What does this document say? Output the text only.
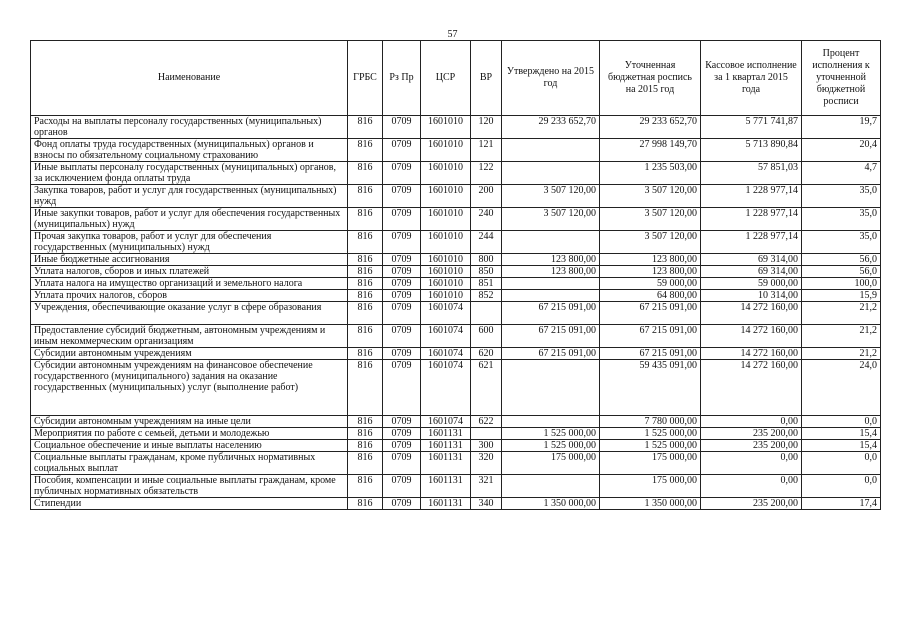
57
Наименование	ГРБС	Рз Пр	ЦСР	ВР	Утверждено на 2015 год	Уточненная бюджетная роспись на 2015 год	Кассовое исполнение за 1 квартал 2015 года	Процент исполнения к уточненной бюджетной росписи
Расходы на выплаты персоналу государственных (муниципальных) органов	816	0709	1601010	120	29 233 652,70	29 233 652,70	5 771 741,87	19,7
Фонд оплаты труда государственных (муниципальных) органов и взносы по обязательному социальному страхованию	816	0709	1601010	121		27 998 149,70	5 713 890,84	20,4
Иные выплаты персоналу государственных (муниципальных) органов, за исключением фонда оплаты труда	816	0709	1601010	122		1 235 503,00	57 851,03	4,7
Закупка товаров, работ и услуг для государственных (муниципальных) нужд	816	0709	1601010	200	3 507 120,00	3 507 120,00	1 228 977,14	35,0
Иные закупки товаров, работ и услуг для обеспечения государственных (муниципальных) нужд	816	0709	1601010	240	3 507 120,00	3 507 120,00	1 228 977,14	35,0
Прочая закупка товаров, работ и услуг для обеспечения государственных (муниципальных) нужд	816	0709	1601010	244		3 507 120,00	1 228 977,14	35,0
Иные бюджетные ассигнования	816	0709	1601010	800	123 800,00	123 800,00	69 314,00	56,0
Уплата налогов, сборов и иных платежей	816	0709	1601010	850	123 800,00	123 800,00	69 314,00	56,0
Уплата налога на имущество организаций и земельного налога	816	0709	1601010	851		59 000,00	59 000,00	100,0
Уплата прочих налогов, сборов	816	0709	1601010	852		64 800,00	10 314,00	15,9
Учреждения, обеспечивающие оказание услуг в сфере образования	816	0709	1601074		67 215 091,00	67 215 091,00	14 272 160,00	21,2
Предоставление субсидий бюджетным, автономным учреждениям и иным некоммерческим организациям	816	0709	1601074	600	67 215 091,00	67 215 091,00	14 272 160,00	21,2
Субсидии автономным учреждениям	816	0709	1601074	620	67 215 091,00	67 215 091,00	14 272 160,00	21,2
Субсидии автономным учреждениям на финансовое обеспечение государственного (муниципального) задания на оказание государственных (муниципальных) услуг (выполнение работ)	816	0709	1601074	621		59 435 091,00	14 272 160,00	24,0
Субсидии автономным учреждениям на иные цели	816	0709	1601074	622		7 780 000,00	0,00	0,0
Мероприятия по работе с семьей, детьми и молодежью	816	0709	1601131		1 525 000,00	1 525 000,00	235 200,00	15,4
Социальное обеспечение и иные выплаты населению	816	0709	1601131	300	1 525 000,00	1 525 000,00	235 200,00	15,4
Социальные выплаты гражданам, кроме публичных нормативных социальных выплат	816	0709	1601131	320	175 000,00	175 000,00	0,00	0,0
Пособия, компенсации и иные социальные выплаты гражданам, кроме публичных нормативных обязательств	816	0709	1601131	321		175 000,00	0,00	0,0
Стипендии	816	0709	1601131	340	1 350 000,00	1 350 000,00	235 200,00	17,4
